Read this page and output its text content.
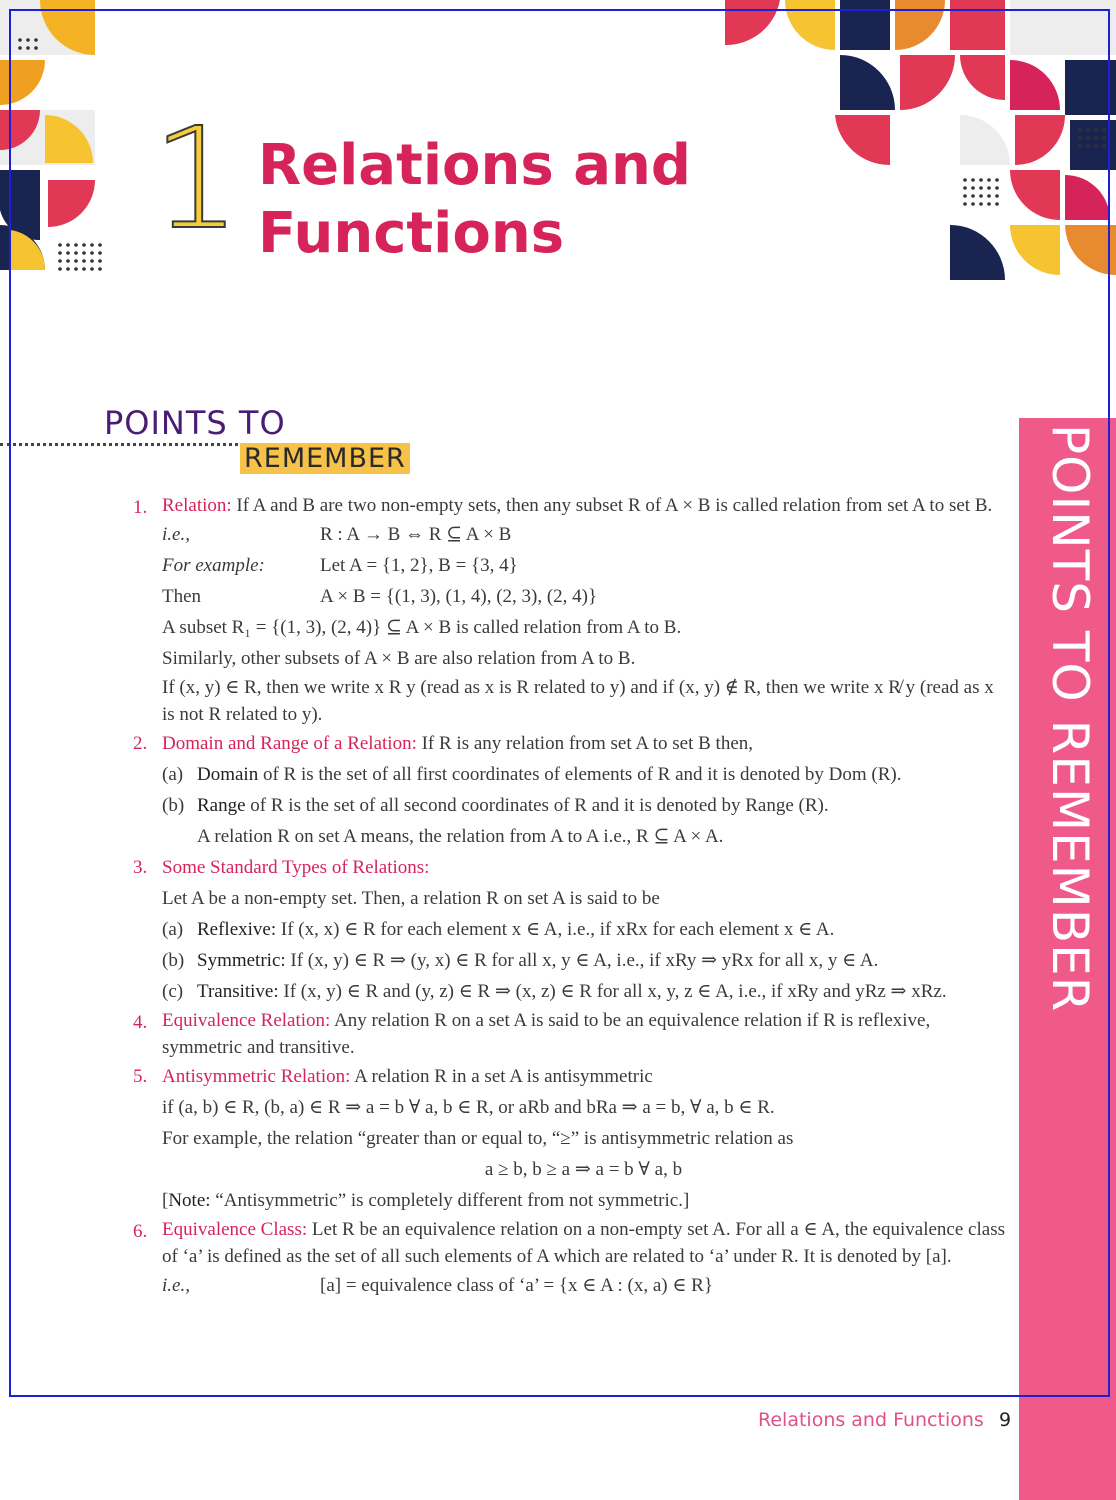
1 Relations and
Functions
POINTS TO
REMEMBER	POINTS TO REMEMBER
1. Relation: If A and B are two non-empty sets, then any subset R of A × B is called relation from set A to set B.
i.e.,	R : A → B ⇔ R ⊆ A × B
For example:	Let A = {1, 2}, B = {3, 4}
Then	A × B = {(1, 3), (1, 4), (2, 3), (2, 4)}
A subset R₁ = {(1, 3), (2, 4)} ⊆ A × B is called relation from A to B.
Similarly, other subsets of A × B are also relation from A to B.
If (x, y) ∈ R, then we write x R y (read as x is R related to y) and if (x, y) ∉ R, then we write x R̸ y (read as x is not R related to y).
2. Domain and Range of a Relation: If R is any relation from set A to set B then,
(a) Domain of R is the set of all first coordinates of elements of R and it is denoted by Dom (R).
(b) Range of R is the set of all second coordinates of R and it is denoted by Range (R).
A relation R on set A means, the relation from A to A i.e., R ⊆ A × A.
3. Some Standard Types of Relations:
Let A be a non-empty set. Then, a relation R on set A is said to be
(a) Reflexive: If (x, x) ∈ R for each element x ∈ A, i.e., if xRx for each element x ∈ A.
(b) Symmetric: If (x, y) ∈ R ⇒ (y, x) ∈ R for all x, y ∈ A, i.e., if xRy ⇒ yRx for all x, y ∈ A.
(c) Transitive: If (x, y) ∈ R and (y, z) ∈ R ⇒ (x, z) ∈ R for all x, y, z ∈ A, i.e., if xRy and yRz ⇒ xRz.
4. Equivalence Relation: Any relation R on a set A is said to be an equivalence relation if R is reflexive, symmetric and transitive.
5. Antisymmetric Relation: A relation R in a set A is antisymmetric
if (a, b) ∈ R, (b, a) ∈ R ⇒ a = b ∀ a, b ∈ R, or aRb and bRa ⇒ a = b, ∀ a, b ∈ R.
For example, the relation “greater than or equal to, “≥” is antisymmetric relation as
a ≥ b, b ≥ a ⇒ a = b ∀ a, b
[Note: “Antisymmetric” is completely different from not symmetric.]
6. Equivalence Class: Let R be an equivalence relation on a non-empty set A. For all a ∈ A, the equivalence class of ‘a’ is defined as the set of all such elements of A which are related to ‘a’ under R. It is denoted by [a].
i.e.,	[a] = equivalence class of ‘a’ = {x ∈ A : (x, a) ∈ R}
Relations and Functions 9
